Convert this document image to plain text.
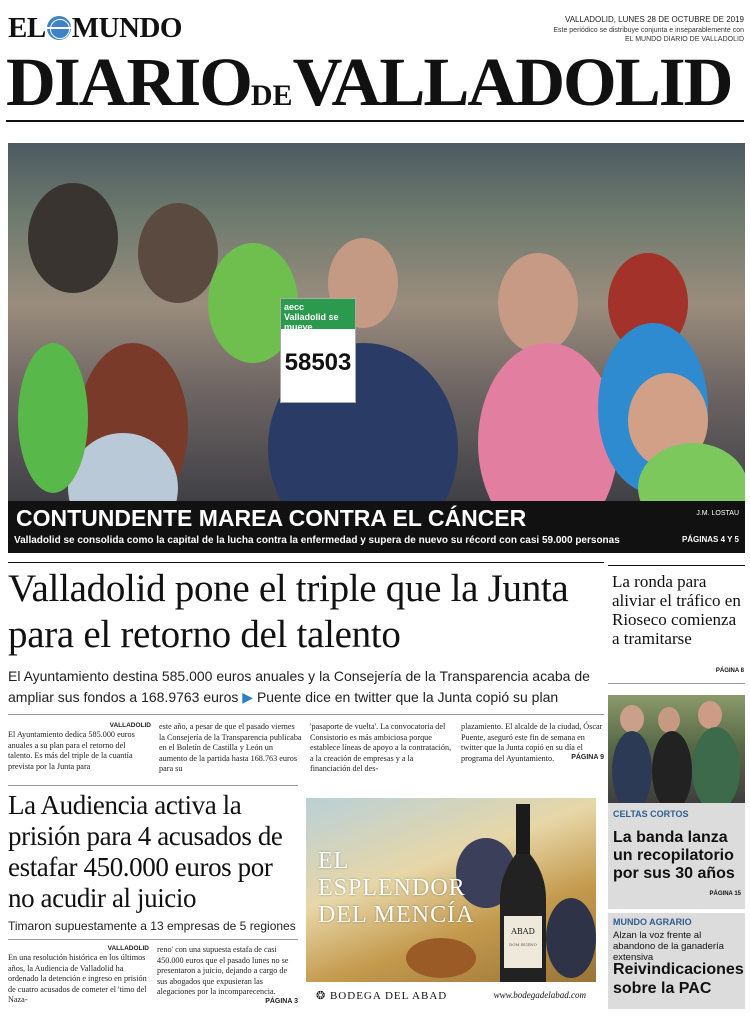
EL MUNDO	VALLADOLID, LUNES 28 DE OCTUBRE DE 2019
Este periódico se distribuye conjunta e inseparablemente con
EL MUNDO DIARIO DE VALLADOLID
DIARIODEVALLADOLID
aecc
Valladolid se mueve
58503
CONTUNDENTE MAREA CONTRA EL CÁNCER	J.M. LOSTAU
Valladolid se consolida como la capital de la lucha contra la enfermedad y supera de nuevo su récord con casi 59.000 personas	PÁGINAS 4 Y 5
Valladolid pone el triple que la Junta para el retorno del talento
El Ayuntamiento destina 585.000 euros anuales y la Consejería de la Transparencia acaba de ampliar sus fondos a 168.9763 euros ▶ Puente dice en twitter que la Junta copió su plan
VALLADOLID
El Ayuntamiento dedica 585.000 euros anuales a su plan para el retorno del talento. Es más del triple de la cuantía prevista por la Junta para
este año, a pesar de que el pasado viernes la Consejería de la Transparencia publicaba en el Boletín de Castilla y León un aumento de la partida hasta 168.763 euros para su
'pasaporte de vuelta'. La convocatoria del Consistorio es más ambiciosa porque establece líneas de apoyo a la contratación, a la creación de empresas y a la financiación del des-
plazamiento. El alcalde de la ciudad, Óscar Puente, aseguró este fin de semana en twitter que la Junta copió en su día el programa del Ayuntamiento. PÁGINA 9
La Audiencia activa la prisión para 4 acusados de estafar 450.000 euros por no acudir al juicio
Timaron supuestamente a 13 empresas de 5 regiones
VALLADOLID
En una resolución histórica en los últimos años, la Audiencia de Valladolid ha ordenado la detención e ingreso en prisión de cuatro acusados de cometer el 'timo del Naza-
reno' con una supuesta estafa de casi 450.000 euros que el pasado lunes no se presentaron a juicio, dejando a cargo de sus abogados que expusieran las alegaciones por la incomparecencia.
PÁGINA 3
EL
ESPLENDOR
DEL MENCÍA
ABAD
DOM BUENO
❂ BODEGA DEL ABAD	www.bodegadelabad.com
La ronda para aliviar el tráfico en Rioseco comienza a tramitarse
PÁGINA 8
CELTAS CORTOS
La banda lanza un recopilatorio por sus 30 años
PÁGINA 15
MUNDO AGRARIO
Alzan la voz frente al abandono de la ganadería extensiva
Reivindicaciones sobre la PAC
